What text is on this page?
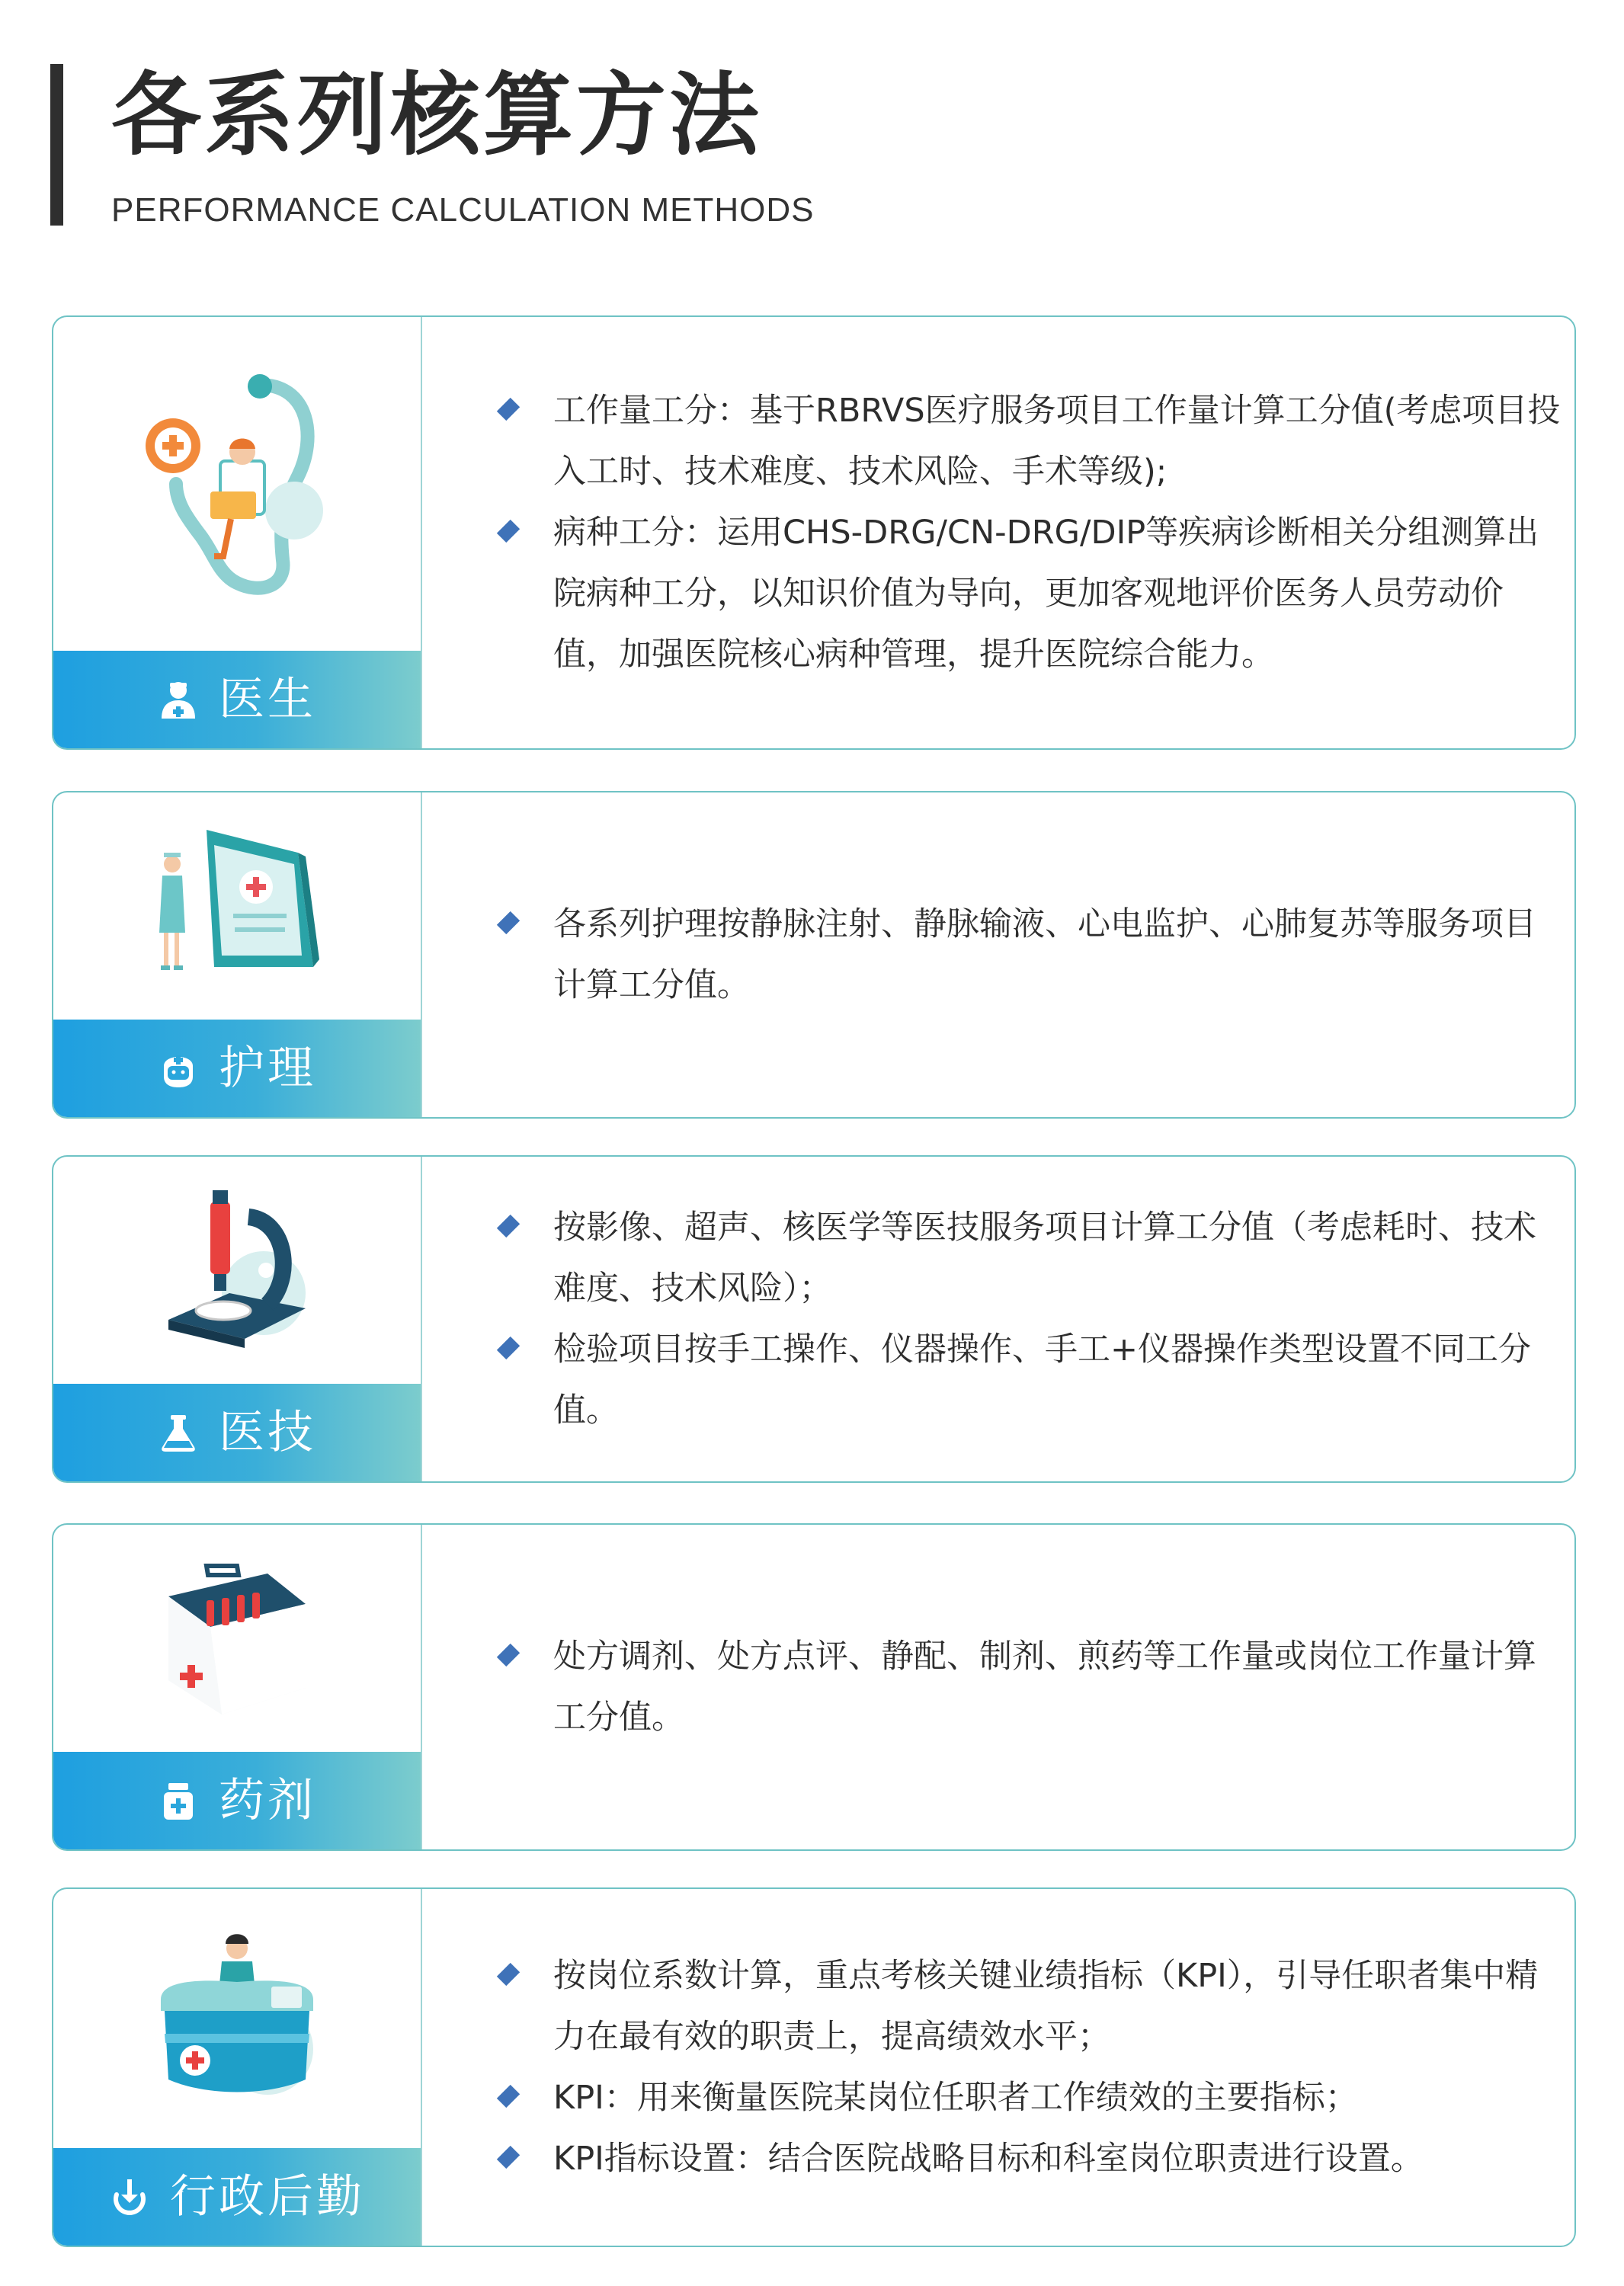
各系列核算方法
PERFORMANCE CALCULATION METHODS
医生
工作量工分：基于RBRVS医疗服务项目工作量计算工分值(考虑项目投入工时、技术难度、技术风险、手术等级);
病种工分：运用CHS-DRG/CN-DRG/DIP等疾病诊断相关分组测算出院病种工分，以知识价值为导向，更加客观地评价医务人员劳动价值，加强医院核心病种管理，提升医院综合能力。
护理
各系列护理按静脉注射、静脉输液、心电监护、心肺复苏等服务项目计算工分值。
医技
按影像、超声、核医学等医技服务项目计算工分值（考虑耗时、技术难度、技术风险）；
检验项目按手工操作、仪器操作、手工+仪器操作类型设置不同工分值。
药剂
处方调剂、处方点评、静配、制剂、煎药等工作量或岗位工作量计算工分值。
行政后勤
按岗位系数计算，重点考核关键业绩指标（KPI），引导任职者集中精力在最有效的职责上，提高绩效水平；
KPI：用来衡量医院某岗位任职者工作绩效的主要指标；
KPI指标设置：结合医院战略目标和科室岗位职责进行设置。
